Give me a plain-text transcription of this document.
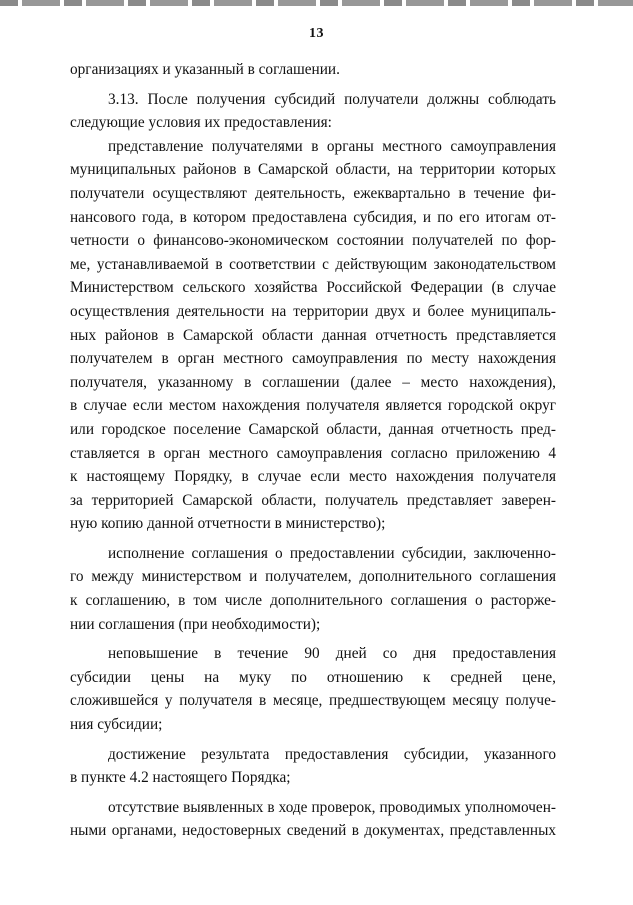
13

организациях и указанный в соглашении.

3.13. После получения субсидий получатели должны соблюдать

следующие условия их предоставления:

представление получателями в органы местного самоуправления

муниципальных районов в Самарской области, на территории которых

получатели осуществляют деятельность, ежеквартально в течение фи-

нансового года, в котором предоставлена субсидия, и по его итогам от-

четности о финансово-экономическом состоянии получателей по фор-

ме, устанавливаемой в соответствии с действующим законодательством

Министерством сельского хозяйства Российской Федерации (в случае

осуществления деятельности на территории двух и более муниципаль-

ных районов в Самарской области данная отчетность представляется

получателем в орган местного самоуправления по месту нахождения

получателя, указанному в соглашении (далее – место нахождения),

в случае если местом нахождения получателя является городской округ

или городское поселение Самарской области, данная отчетность пред-

ставляется в орган местного самоуправления согласно приложению 4

к настоящему Порядку, в случае если место нахождения получателя

за территорией Самарской области, получатель представляет заверен-

ную копию данной отчетности в министерство);

исполнение соглашения о предоставлении субсидии, заключенно-

го между министерством и получателем, дополнительного соглашения

к соглашению, в том числе дополнительного соглашения о расторже-

нии соглашения (при необходимости);

неповышение в течение 90 дней со дня предоставления

субсидии цены на муку по отношению к средней цене,

сложившейся у получателя в месяце, предшествующем месяцу получе-

ния субсидии;

достижение результата предоставления субсидии, указанного

в пункте 4.2 настоящего Порядка;

отсутствие выявленных в ходе проверок, проводимых уполномочен-

ными органами, недостоверных сведений в документах, представленных
